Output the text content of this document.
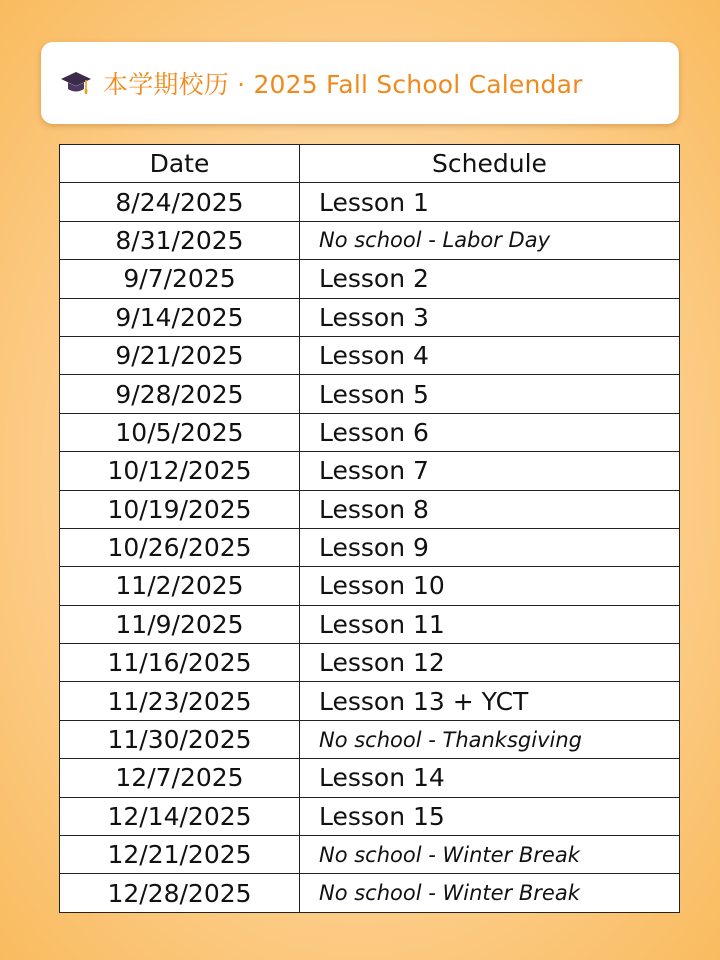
本学期校历 · 2025 Fall School Calendar
Date	Schedule
8/24/2025	Lesson 1
8/31/2025	No school - Labor Day
9/7/2025	Lesson 2
9/14/2025	Lesson 3
9/21/2025	Lesson 4
9/28/2025	Lesson 5
10/5/2025	Lesson 6
10/12/2025	Lesson 7
10/19/2025	Lesson 8
10/26/2025	Lesson 9
11/2/2025	Lesson 10
11/9/2025	Lesson 11
11/16/2025	Lesson 12
11/23/2025	Lesson 13 + YCT
11/30/2025	No school - Thanksgiving
12/7/2025	Lesson 14
12/14/2025	Lesson 15
12/21/2025	No school - Winter Break
12/28/2025	No school - Winter Break
